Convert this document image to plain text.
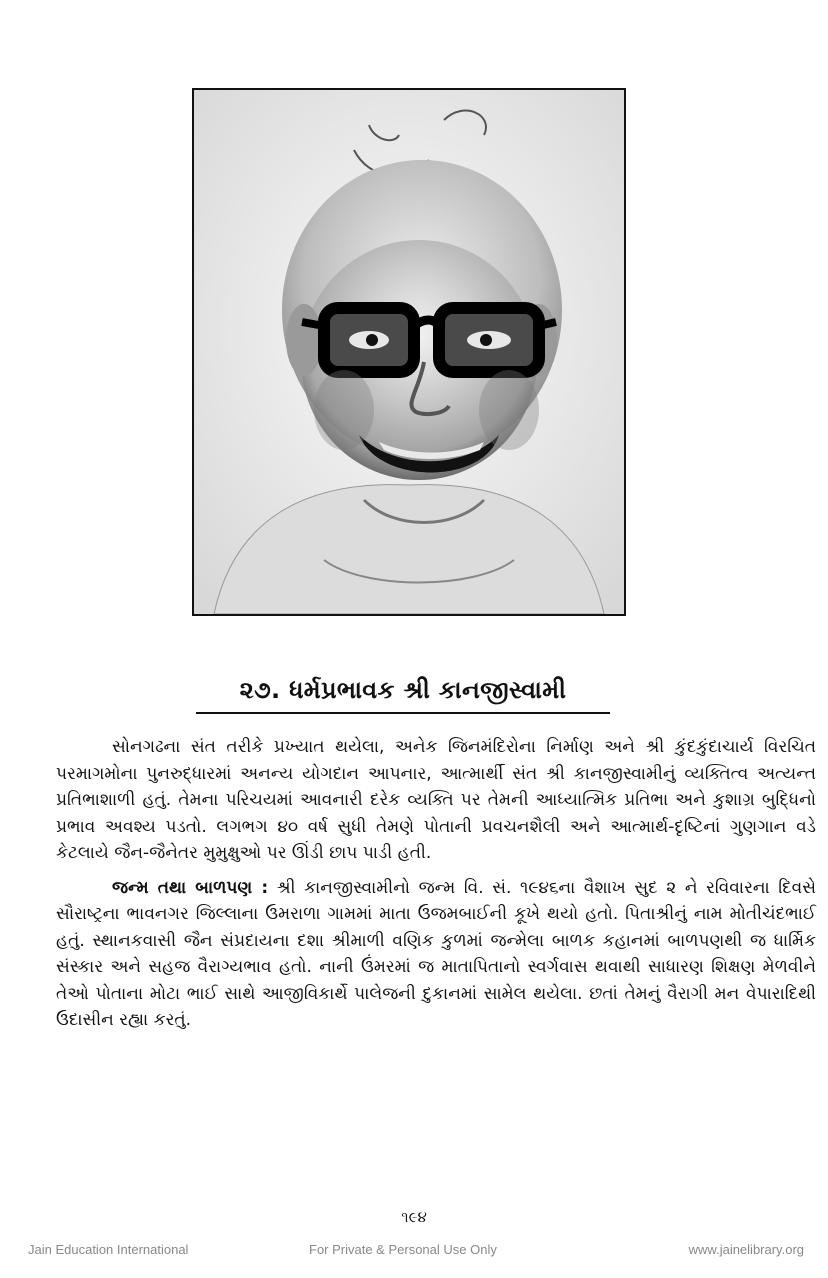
૨૭. ધર્મપ્રભાવક શ્રી કાનજીસ્વામી

સોનગઢના સંત તરીકે પ્રખ્યાત થયેલા, અનેક જિનમંદિરોના નિર્માણ અને શ્રી કુંદકુંદાચાર્ય વિરચિત પરમાગમોના પુનરુદ્ધારમાં અનન્ય યોગદાન આપનાર, આત્માર્થી સંત શ્રી કાનજીસ્વામીનું વ્યક્તિત્વ અત્યન્ત પ્રતિભાશાળી હતું. તેમના પરિચયમાં આવનારી દરેક વ્યક્તિ પર તેમની આધ્યાત્મિક પ્રતિભા અને કુશાગ્ર બુદ્ધિનો પ્રભાવ અવશ્ય પડતો. લગભગ ૪૦ વર્ષ સુધી તેમણે પોતાની પ્રવચનશૈલી અને આત્માર્થ-દૃષ્ટિનાં ગુણગાન વડે કેટલાયે જૈન-જૈનેતર મુમુક્ષુઓ પર ઊંડી છાપ પાડી હતી.

જન્મ તથા બાળપણ : શ્રી કાનજીસ્વામીનો જન્મ વિ. સં. ૧૯૪૬ના વૈશાખ સુદ ૨ ને રવિવારના દિવસે સૌરાષ્ટ્રના ભાવનગર જિલ્લાના ઉમરાળા ગામમાં માતા ઉજમબાઈની કૂખે થયો હતો. પિતાશ્રીનું નામ મોતીચંદભાઈ હતું. સ્થાનકવાસી જૈન સંપ્રદાયના દશા શ્રીમાળી વણિક કુળમાં જન્મેલા બાળક કહાનમાં બાળપણથી જ ધાર્મિક સંસ્કાર અને સહજ વૈરાગ્યભાવ હતો. નાની ઉંમરમાં જ માતાપિતાનો સ્વર્ગવાસ થવાથી સાધારણ શિક્ષણ મેળવીને તેઓ પોતાના મોટા ભાઈ સાથે આજીવિકાર્થે પાલેજની દુકાનમાં સામેલ થયેલા. છતાં તેમનું વૈરાગી મન વેપારાદિથી ઉદાસીન રહ્યા કરતું.

૧૯૪
Jain Education International	For Private & Personal Use Only	www.jainelibrary.org
